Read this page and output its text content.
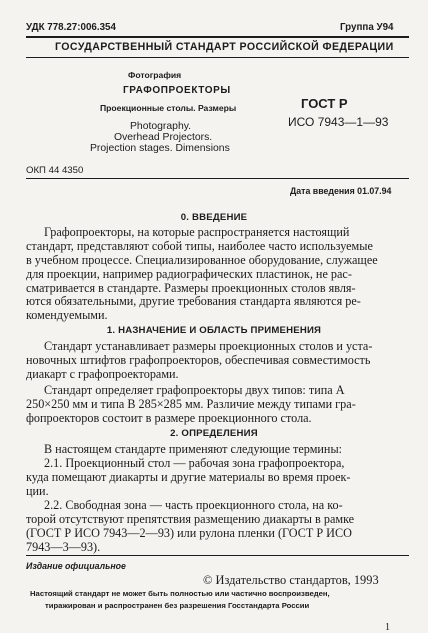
УДК 778.27:006.354	Группа У94
ГОСУДАРСТВЕННЫЙ СТАНДАРТ РОССИЙСКОЙ ФЕДЕРАЦИИ
Фотография
ГРАФОПРОЕКТОРЫ
Проекционные столы. Размеры
Photography.
Overhead Projectors.
Projection stages. Dimensions
ГОСТ Р
ИСО 7943—1—93
ОКП 44 4350
Дата введения 01.07.94
0. ВВЕДЕНИЕ
Графопроекторы, на которые распространяется настоящий
стандарт, представляют собой типы, наиболее часто используемые
в учебном процессе. Специализированное оборудование, служащее
для проекции, например радиографических пластинок, не рас-
сматривается в стандарте. Размеры проекционных столов явля-
ются обязательными, другие требования стандарта являются ре-
комендуемыми.
1. НАЗНАЧЕНИЕ И ОБЛАСТЬ ПРИМЕНЕНИЯ
Стандарт устанавливает размеры проекционных столов и уста-
новочных штифтов графопроекторов, обеспечивая совместимость
диакарт с графопроекторами.
Стандарт определяет графопроекторы двух типов: типа А
250×250 мм и типа В 285×285 мм. Различие между типами гра-
фопроекторов состоит в размере проекционного стола.
2. ОПРЕДЕЛЕНИЯ
В настоящем стандарте применяют следующие термины:
2.1. Проекционный стол — рабочая зона графопроектора,
куда помещают диакарты и другие материалы во время проек-
ции.
2.2. Свободная зона — часть проекционного стола, на ко-
торой отсутствуют препятствия размещению диакарты в рамке
(ГОСТ Р ИСО 7943—2—93) или рулона пленки (ГОСТ Р ИСО
7943—3—93).
Издание официальное
© Издательство стандартов, 1993
Настоящий стандарт не может быть полностью или частично воспроизведен,
тиражирован и распространен без разрешения Госстандарта России
1
